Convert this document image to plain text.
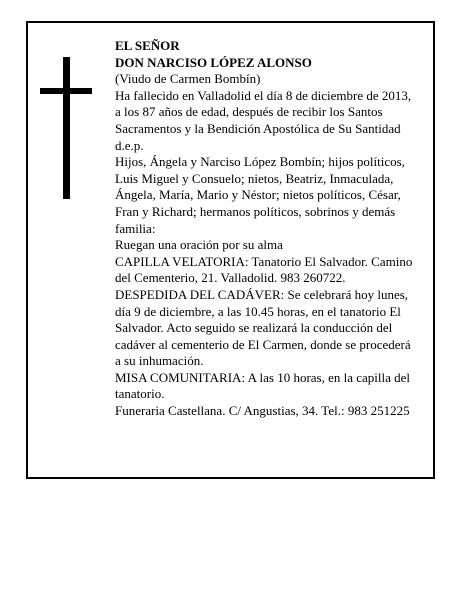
EL SEÑOR

DON NARCISO LÓPEZ ALONSO

(Viudo de Carmen Bombín)

Ha fallecido en Valladolid el día 8 de diciembre de 2013, a los 87 años de edad, después de recibir los Santos Sacramentos y la Bendición Apostólica de Su Santidad

d.e.p.

Hijos, Ángela y Narciso López Bombín; hijos políticos, Luis Miguel y Consuelo; nietos, Beatriz, Inmaculada, Ángela, María, Mario y Néstor; nietos políticos, César, Fran y Richard; hermanos políticos, sobrinos y demás familia:

Ruegan una oración por su alma

CAPILLA VELATORIA: Tanatorio El Salvador. Camino del Cementerio, 21. Valladolid. 983 260722.

DESPEDIDA DEL CADÁVER: Se celebrará hoy lunes, día 9 de diciembre, a las 10.45 horas, en el tanatorio El Salvador. Acto seguido se realizará la conducción del cadáver al cementerio de El Carmen, donde se procederá a su inhumación.

MISA COMUNITARIA: A las 10 horas, en la capilla del tanatorio.

Funeraria Castellana. C/ Angustias, 34. Tel.: 983 251225
